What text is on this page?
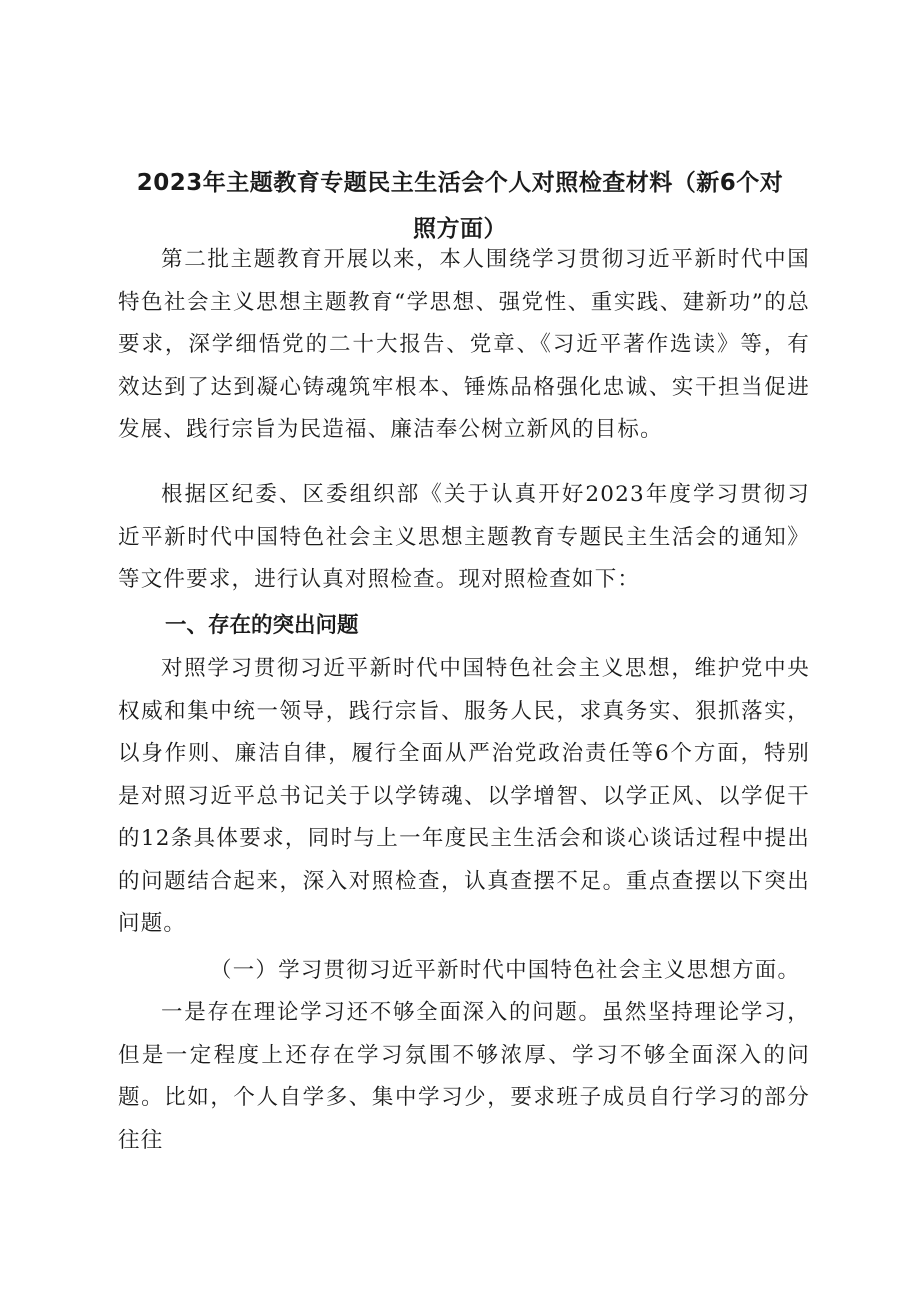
2023年主题教育专题民主生活会个人对照检查材料（新6个对
照方面）
第二批主题教育开展以来，本人围绕学习贯彻习近平新时代中国特色社会主义思想主题教育“学思想、强党性、重实践、建新功”的总要求，深学细悟党的二十大报告、党章、《习近平著作选读》等，有效达到了达到凝心铸魂筑牢根本、锤炼品格强化忠诚、实干担当促进发展、践行宗旨为民造福、廉洁奉公树立新风的目标。
根据区纪委、区委组织部《关于认真开好2023年度学习贯彻习近平新时代中国特色社会主义思想主题教育专题民主生活会的通知》等文件要求，进行认真对照检查。现对照检查如下：
一、存在的突出问题
对照学习贯彻习近平新时代中国特色社会主义思想，维护党中央权威和集中统一领导，践行宗旨、服务人民，求真务实、狠抓落实，以身作则、廉洁自律，履行全面从严治党政治责任等6个方面，特别是对照习近平总书记关于以学铸魂、以学增智、以学正风、以学促干的12条具体要求，同时与上一年度民主生活会和谈心谈话过程中提出的问题结合起来，深入对照检查，认真查摆不足。重点查摆以下突出问题。
（一）学习贯彻习近平新时代中国特色社会主义思想方面。
一是存在理论学习还不够全面深入的问题。虽然坚持理论学习，但是一定程度上还存在学习氛围不够浓厚、学习不够全面深入的问题。比如，个人自学多、集中学习少，要求班子成员自行学习的部分往往
